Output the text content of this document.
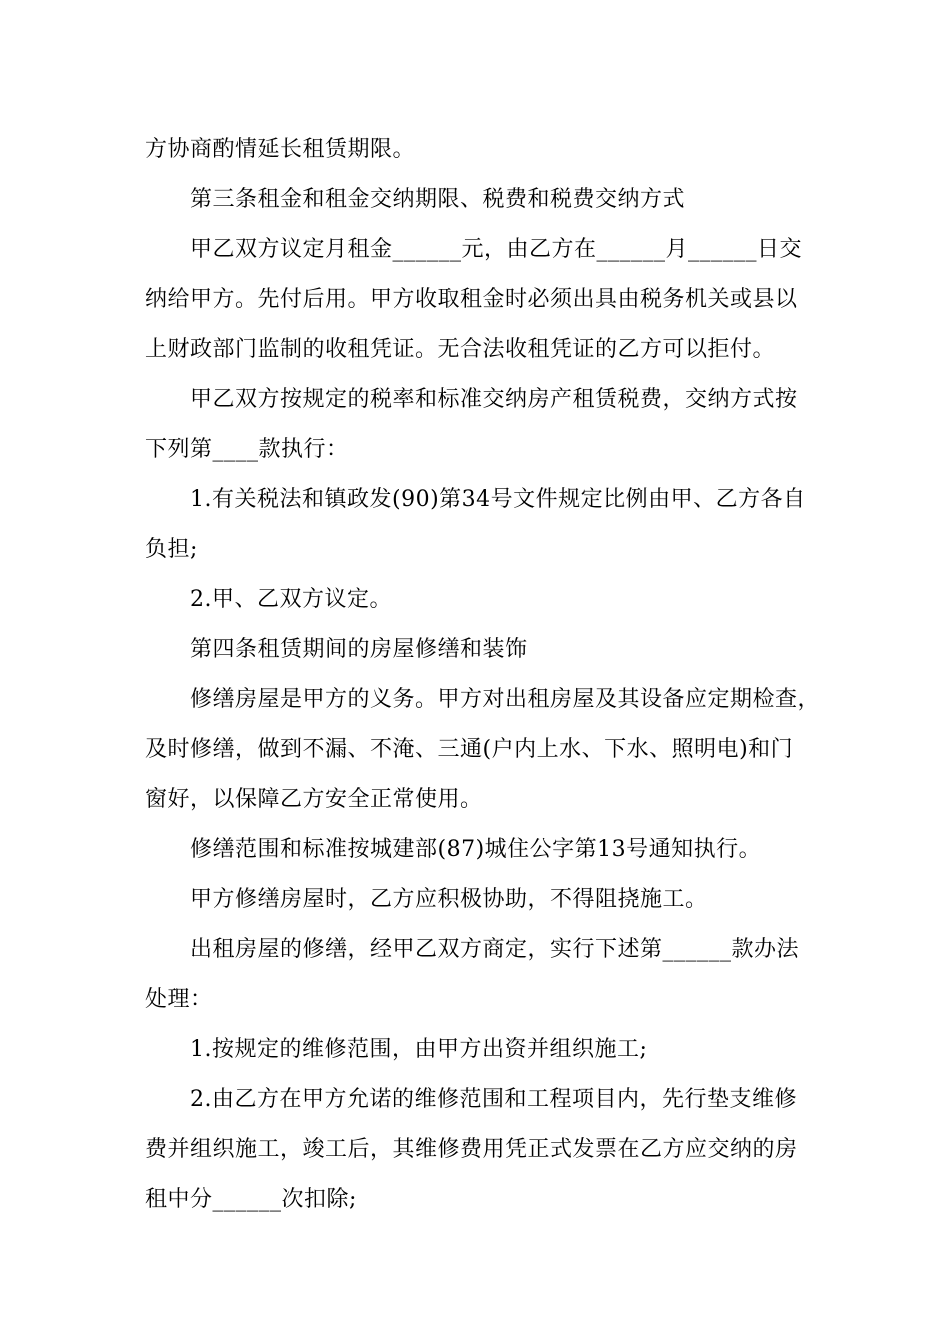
方协商酌情延长租赁期限。
第三条租金和租金交纳期限、税费和税费交纳方式
甲乙双方议定月租金______元，由乙方在______月______日交
纳给甲方。先付后用。甲方收取租金时必须出具由税务机关或县以
上财政部门监制的收租凭证。无合法收租凭证的乙方可以拒付。
甲乙双方按规定的税率和标准交纳房产租赁税费，交纳方式按
下列第____款执行：
1.有关税法和镇政发(90)第34号文件规定比例由甲、乙方各自
负担;
2.甲、乙双方议定。
第四条租赁期间的房屋修缮和装饰
修缮房屋是甲方的义务。甲方对出租房屋及其设备应定期检查，
及时修缮，做到不漏、不淹、三通(户内上水、下水、照明电)和门
窗好，以保障乙方安全正常使用。
修缮范围和标准按城建部(87)城住公字第13号通知执行。
甲方修缮房屋时，乙方应积极协助，不得阻挠施工。
出租房屋的修缮，经甲乙双方商定，实行下述第______款办法
处理：
1.按规定的维修范围，由甲方出资并组织施工;
2.由乙方在甲方允诺的维修范围和工程项目内，先行垫支维修
费并组织施工，竣工后，其维修费用凭正式发票在乙方应交纳的房
租中分______次扣除;
